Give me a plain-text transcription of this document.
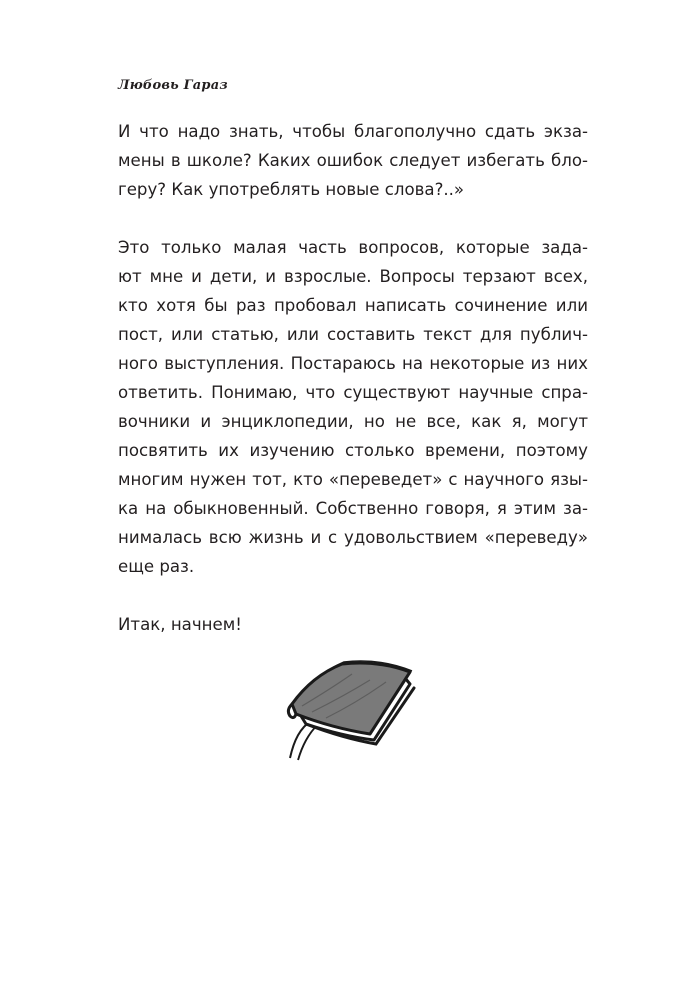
Любовь Гараз
И что надо знать, чтобы благополучно сдать экза-
мены в школе? Каких ошибок следует избегать бло-
геру? Как употреблять новые слова?..»
Это только малая часть вопросов, которые зада-
ют мне и дети, и взрослые. Вопросы терзают всех,
кто хотя бы раз пробовал написать сочинение или
пост, или статью, или составить текст для публич-
ного выступления. Постараюсь на некоторые из них
ответить. Понимаю, что существуют научные спра-
вочники и энциклопедии, но не все, как я, могут
посвятить их изучению столько времени, поэтому
многим нужен тот, кто «переведет» с научного язы-
ка на обыкновенный. Собственно говоря, я этим за-
нималась всю жизнь и с удовольствием «переведу»
еще раз.
Итак, начнем!
